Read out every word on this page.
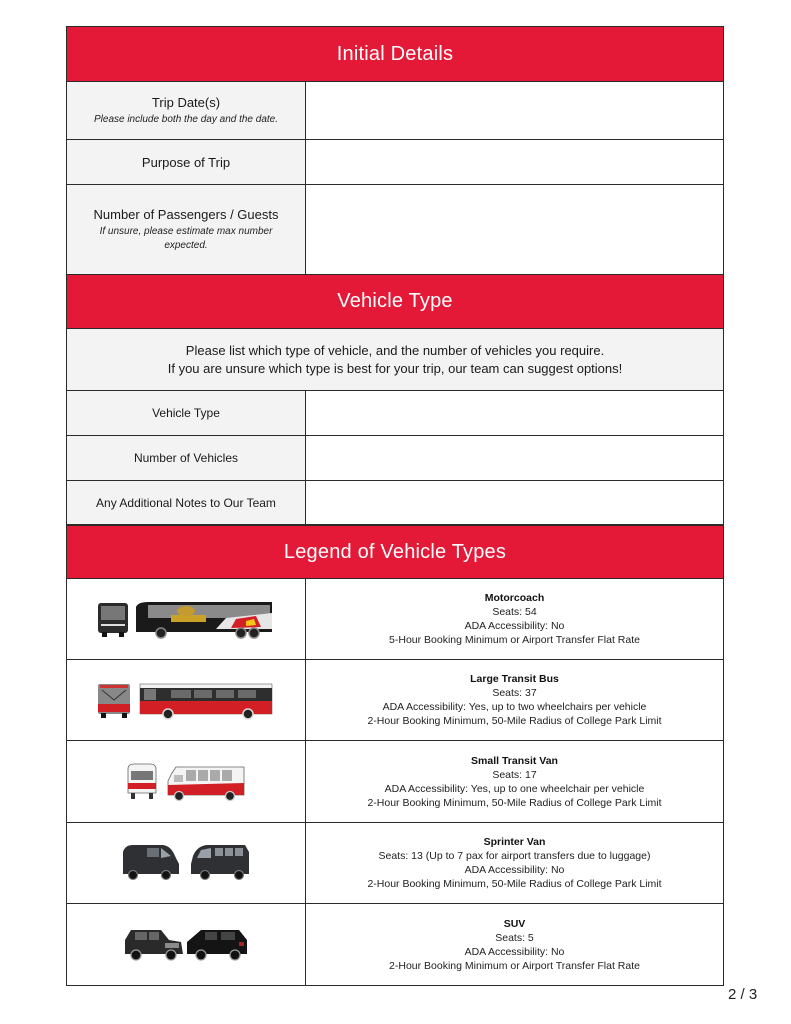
Initial Details
Trip Date(s)
Please include both the day and the date.
Purpose of Trip
Number of Passengers / Guests
If unsure, please estimate max number expected.
Vehicle Type
Please list which type of vehicle, and the number of vehicles you require.
If you are unsure which type is best for your trip, our team can suggest options!
Vehicle Type
Number of Vehicles
Any Additional Notes to Our Team
Legend of Vehicle Types
Motorcoach
Seats: 54
ADA Accessibility: No
5-Hour Booking Minimum or Airport Transfer Flat Rate
Large Transit Bus
Seats: 37
ADA Accessibility: Yes, up to two wheelchairs per vehicle
2-Hour Booking Minimum, 50-Mile Radius of College Park Limit
Small Transit Van
Seats: 17
ADA Accessibility: Yes, up to one wheelchair per vehicle
2-Hour Booking Minimum, 50-Mile Radius of College Park Limit
Sprinter Van
Seats: 13 (Up to 7 pax for airport transfers due to luggage)
ADA Accessibility: No
2-Hour Booking Minimum, 50-Mile Radius of College Park Limit
SUV
Seats: 5
ADA Accessibility: No
2-Hour Booking Minimum or Airport Transfer Flat Rate
2 / 3
